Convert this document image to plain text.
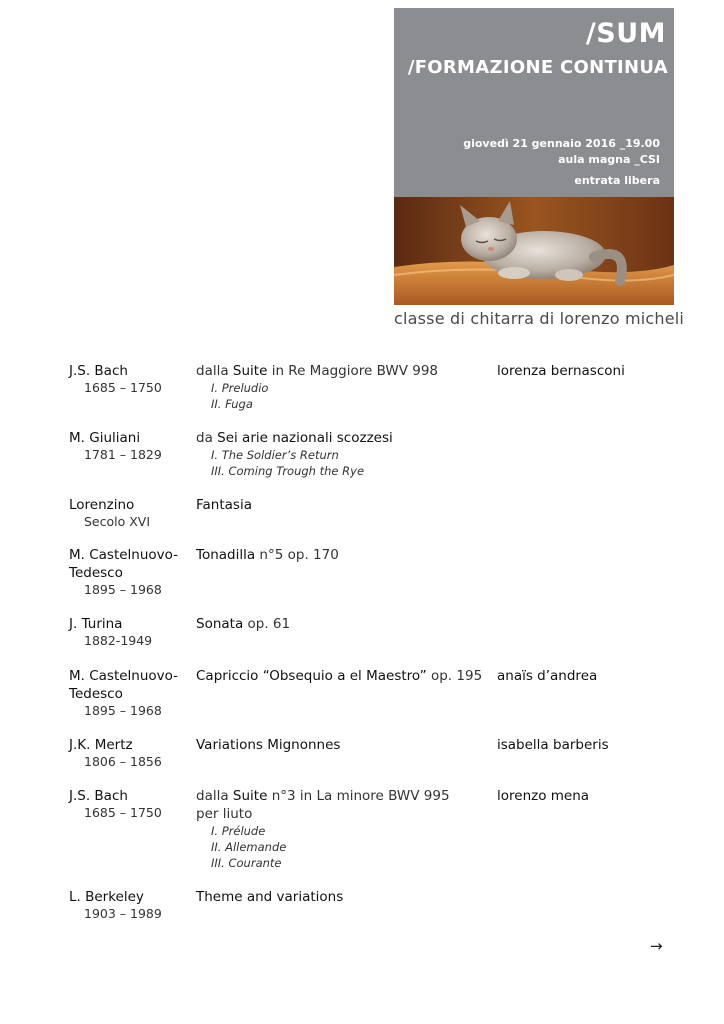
/SUM
/FORMAZIONE CONTINUA
giovedì 21 gennaio 2016 _19.00
aula magna _CSI
entrata libera
classe di chitarra di lorenzo micheli
J.S. Bach
1685 – 1750
dalla Suite in Re Maggiore BWV 998
I. Preludio
II. Fuga
lorenza bernasconi
M. Giuliani
1781 – 1829
da Sei arie nazionali scozzesi
I. The Soldier’s Return
III. Coming Trough the Rye
Lorenzino
Secolo XVI
Fantasia
M. Castelnuovo-Tedesco
1895 – 1968
Tonadilla n°5 op. 170
J. Turina
1882-1949
Sonata op. 61
M. Castelnuovo-Tedesco
1895 – 1968
Capriccio “Obsequio a el Maestro” op. 195 anaïs d’andrea
J.K. Mertz
1806 – 1856
Variations Mignonnes	isabella barberis
J.S. Bach
1685 – 1750
dalla Suite n°3 in La minore BWV 995
per liuto
I. Prélude
II. Allemande
III. Courante
lorenzo mena
L. Berkeley
1903 – 1989
Theme and variations
→
